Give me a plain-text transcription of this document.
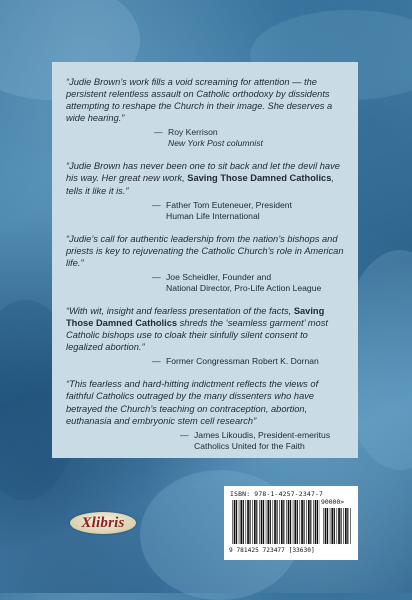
“Judie Brown’s work fills a void screaming for attention — the persistent relentless assault on Catholic orthodoxy by dissidents attempting to reshape the Church in their image. She deserves a wide hearing.”

— Roy Kerrison
New York Post columnist

“Judie Brown has never been one to sit back and let the devil have his way. Her great new work, Saving Those Damned Catholics, tells it like it is.”

— Father Tom Euteneuer, President
Human Life International

“Judie’s call for authentic leadership from the nation’s bishops and priests is key to rejuvenating the Catholic Church’s role in American life.”

— Joe Scheidler, Founder and
National Director, Pro-Life Action League

“With wit, insight and fearless presentation of the facts, Saving Those Damned Catholics shreds the ‘seamless garment’ most Catholic bishops use to cloak their sinfully silent consent to legalized abortion.”

— Former Congressman Robert K. Dornan

“This fearless and hard-hitting indictment reflects the views of faithful Catholics outraged by the many dissenters who have betrayed the Church’s teaching on contraception, abortion, euthanasia and embryonic stem cell research”

— James Likoudis, President-emeritus
Catholics United for the Faith
Xlibris
ISBN: 978-1-4257-2347-7
90000>
9 781425 723477 [33630]
